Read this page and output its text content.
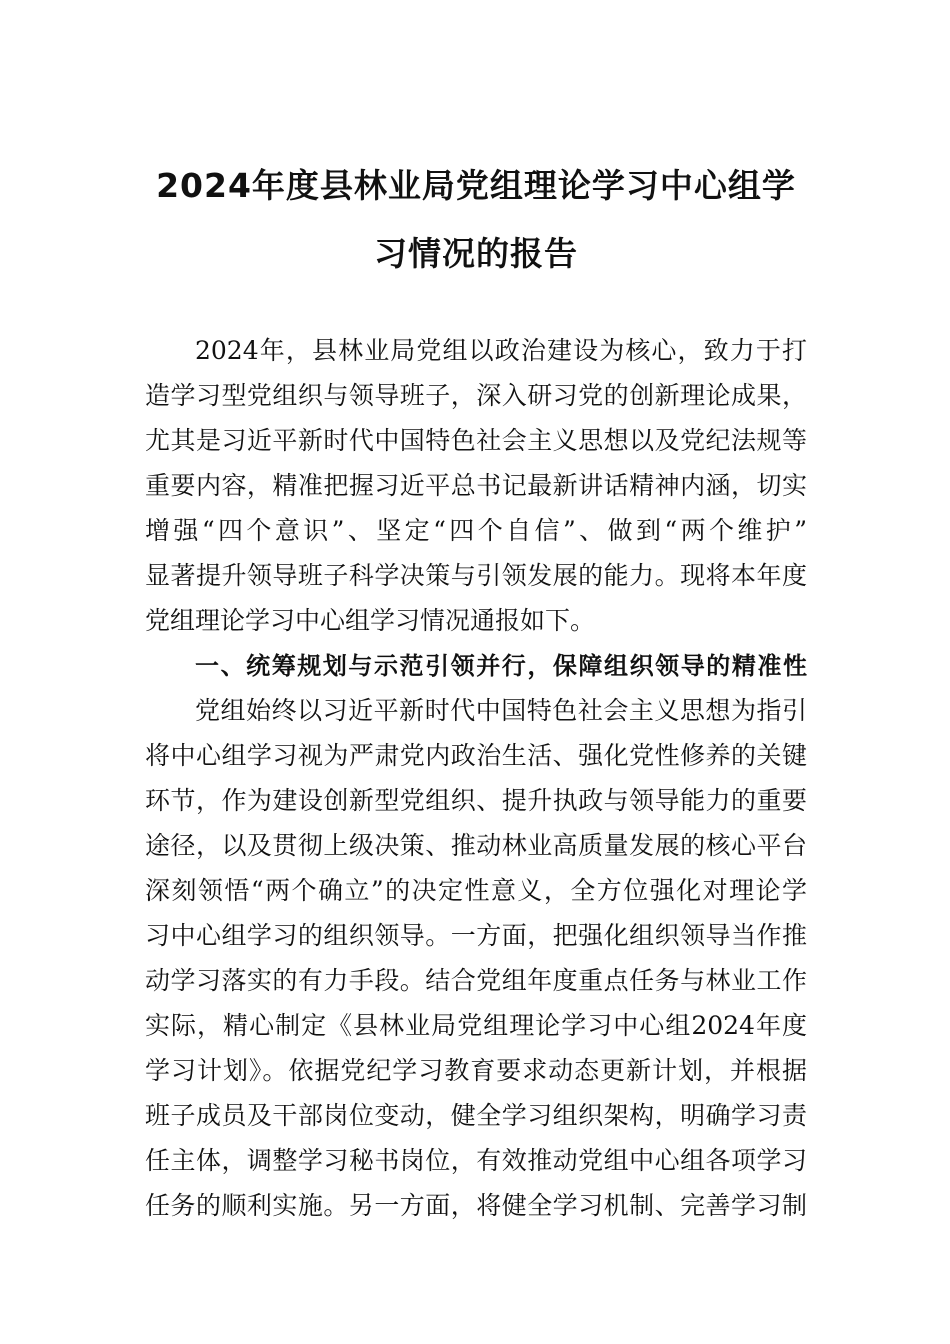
2024年度县林业局党组理论学习中心组学
习情况的报告
2024年，县林业局党组以政治建设为核心，致力于打
造学习型党组织与领导班子，深入研习党的创新理论成果，
尤其是习近平新时代中国特色社会主义思想以及党纪法规等
重要内容，精准把握习近平总书记最新讲话精神内涵，切实
增强“四个意识”、坚定“四个自信”、做到“两个维护”
显著提升领导班子科学决策与引领发展的能力。现将本年度
党组理论学习中心组学习情况通报如下。
一、统筹规划与示范引领并行，保障组织领导的精准性
党组始终以习近平新时代中国特色社会主义思想为指引
将中心组学习视为严肃党内政治生活、强化党性修养的关键
环节，作为建设创新型党组织、提升执政与领导能力的重要
途径，以及贯彻上级决策、推动林业高质量发展的核心平台
深刻领悟“两个确立”的决定性意义，全方位强化对理论学
习中心组学习的组织领导。一方面，把强化组织领导当作推
动学习落实的有力手段。结合党组年度重点任务与林业工作
实际，精心制定《县林业局党组理论学习中心组2024年度
学习计划》。依据党纪学习教育要求动态更新计划，并根据
班子成员及干部岗位变动，健全学习组织架构，明确学习责
任主体，调整学习秘书岗位，有效推动党组中心组各项学习
任务的顺利实施。另一方面，将健全学习机制、完善学习制
